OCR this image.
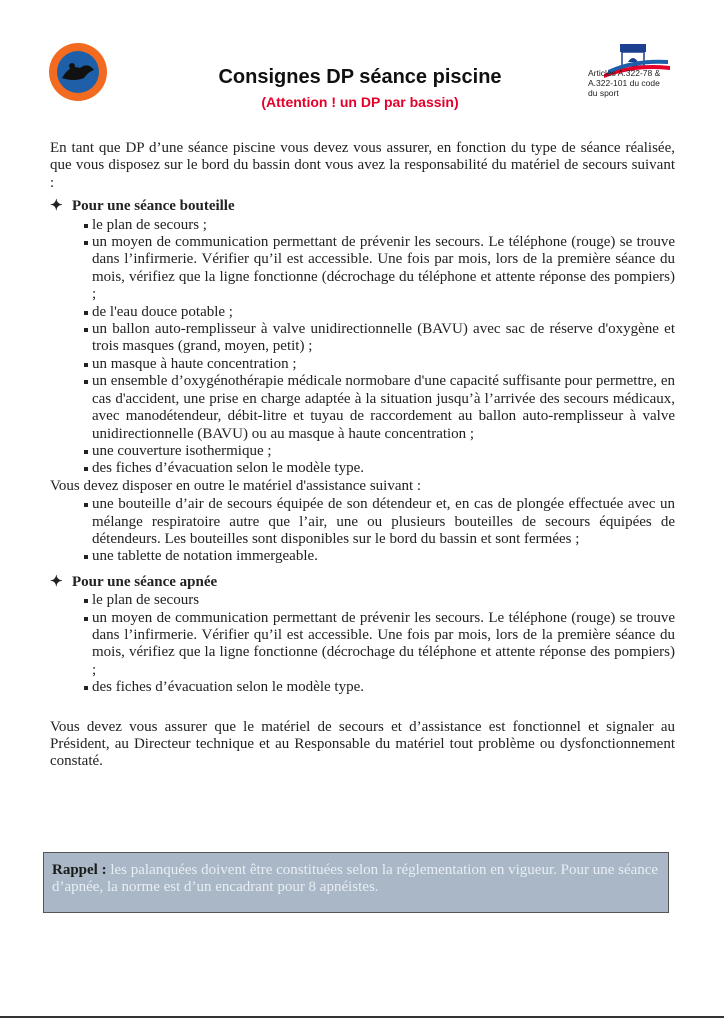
Articles A.322-78 &
A.322-101 du code
du sport
Consignes DP séance piscine
(Attention ! un DP par bassin)

En tant que DP d’une séance piscine vous devez vous assurer, en fonction du type de séance réalisée, que vous disposez sur le bord du bassin dont vous avez la responsabilité du matériel de secours suivant :

✦ Pour une séance bouteille
le plan de secours ;
un moyen de communication permettant de prévenir les secours. Le téléphone (rouge) se trouve dans l’infirmerie. Vérifier qu’il est accessible. Une fois par mois, lors de la première séance du mois, vérifiez que la ligne fonctionne (décrochage du téléphone et attente réponse des pompiers) ;
de l'eau douce potable ;
un ballon auto-remplisseur à valve unidirectionnelle (BAVU) avec sac de réserve d'oxygène et trois masques (grand, moyen, petit) ;
un masque à haute concentration ;
un ensemble d’oxygénothérapie médicale normobare d'une capacité suffisante pour permettre, en cas d'accident, une prise en charge adaptée à la situation jusqu’à l’arrivée des secours médicaux, avec manodétendeur, débit-litre et tuyau de raccordement au ballon auto-remplisseur à valve unidirectionnelle (BAVU) ou au masque à haute concentration ;
une couverture isothermique ;
des fiches d’évacuation selon le modèle type.

Vous devez disposer en outre le matériel d'assistance suivant :

une bouteille d’air de secours équipée de son détendeur et, en cas de plongée effectuée avec un mélange respiratoire autre que l’air, une ou plusieurs bouteilles de secours équipées de détendeurs. Les bouteilles sont disponibles sur le bord du bassin et sont fermées ;
une tablette de notation immergeable.
✦ Pour une séance apnée
le plan de secours
un moyen de communication permettant de prévenir les secours. Le téléphone (rouge) se trouve dans l’infirmerie. Vérifier qu’il est accessible. Une fois par mois, lors de la première séance du mois, vérifiez que la ligne fonctionne (décrochage du téléphone et attente réponse des pompiers) ;
des fiches d’évacuation selon le modèle type.

Vous devez vous assurer que le matériel de secours et d’assistance est fonctionnel et signaler au Président, au Directeur technique et au Responsable du matériel tout problème ou dysfonctionnement constaté.

Rappel : les palanquées doivent être constituées selon la réglementation en vigueur. Pour une séance d’apnée, la norme est d’un encadrant pour 8 apnéistes.
